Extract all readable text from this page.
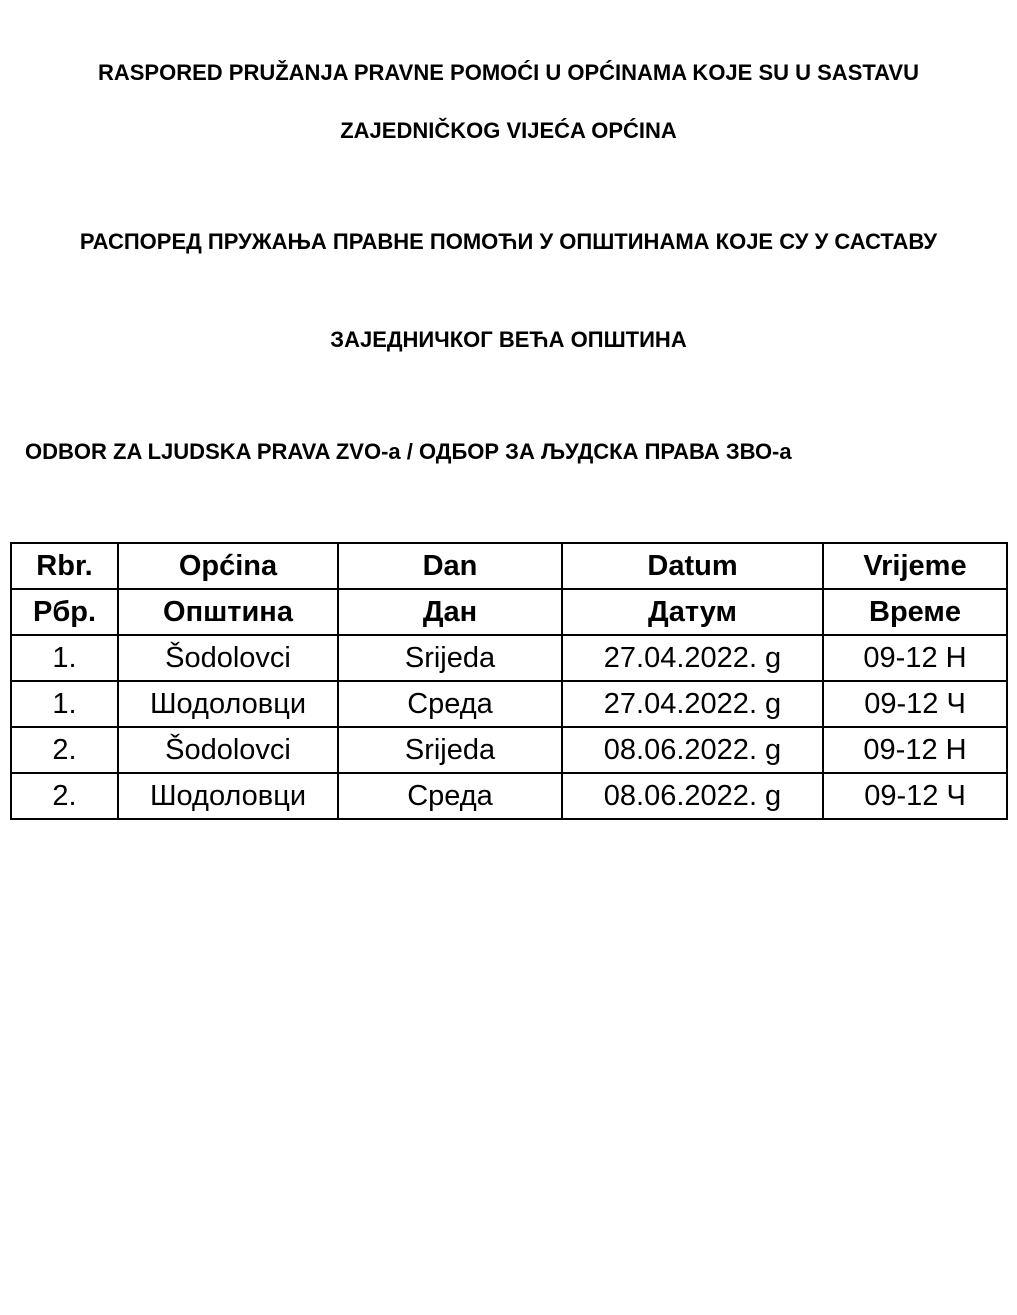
RASPORED PRUŽANJA PRAVNE POMOĆI U OPĆINAMA KOJE SU U SASTAVU
ZAJEDNIČKOG VIJEĆA OPĆINA
РАСПОРЕД ПРУЖАЊА ПРАВНЕ ПОМОЋИ У ОПШТИНАМА КОЈЕ СУ У САСТАВУ
ЗАЈЕДНИЧКОГ ВЕЋА ОПШТИНА

ODBOR ZA LJUDSKA PRAVA ZVO-a / ОДБОР ЗА ЉУДСКА ПРАВА ЗВО-а

Rbr.	Općina	Dan	Datum	Vrijeme
Рбр.	Општина	Дан	Датум	Време
1.	Šodolovci	Srijeda	27.04.2022. g	09-12 H
1.	Шодоловци	Среда	27.04.2022. g	09-12 Ч
2.	Šodolovci	Srijeda	08.06.2022. g	09-12 H
2.	Шодоловци	Среда	08.06.2022. g	09-12 Ч
